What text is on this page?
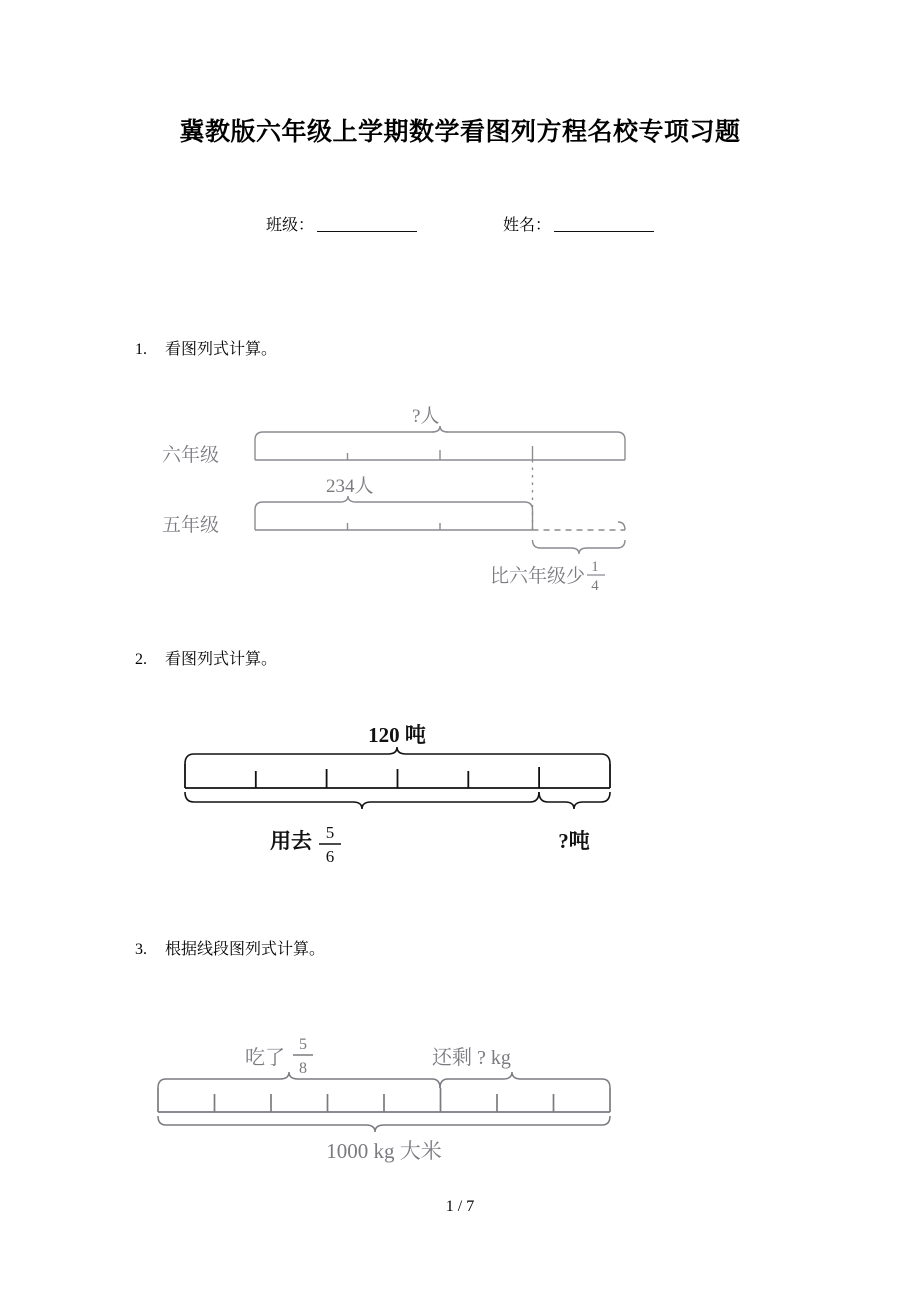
冀教版六年级上学期数学看图列方程名校专项习题
班级：	姓名：
1. 看图列式计算。
六年级
?人
五年级
234人
比六年级少 1
4
2. 看图列式计算。
120 吨
用去 5
6
?吨
3. 根据线段图列式计算。
吃了
5
8	还剩 ? kg
1000 kg 大米
1 / 7
